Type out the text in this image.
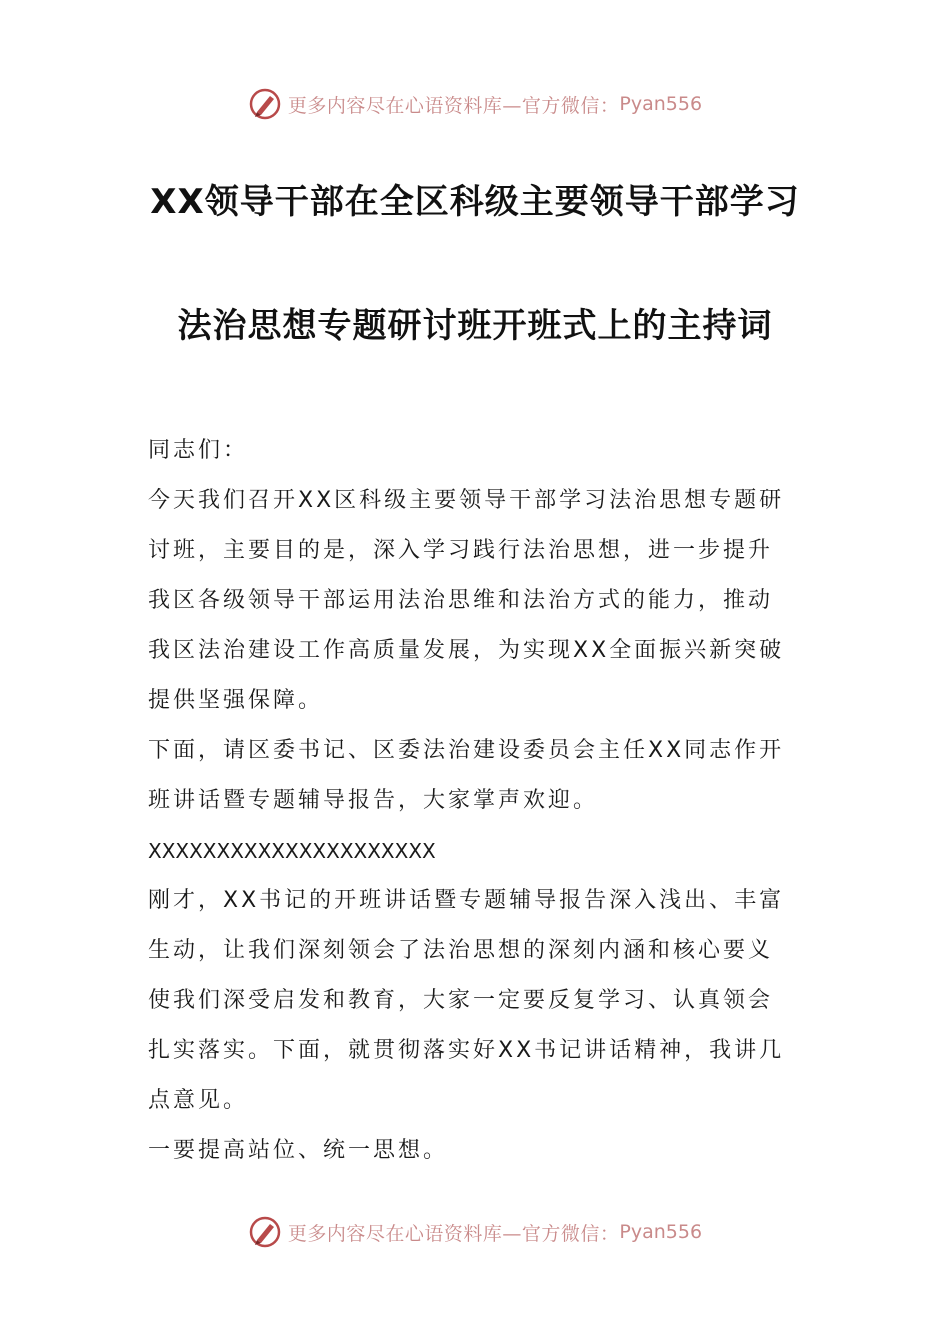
更多内容尽在心语资料库—官方微信： Pyan556
XX领导干部在全区科级主要领导干部学习
法治思想专题研讨班开班式上的主持词
同志们：
今天我们召开XX区科级主要领导干部学习法治思想专题研
讨班，主要目的是，深入学习践行法治思想，进一步提升
我区各级领导干部运用法治思维和法治方式的能力，推动
我区法治建设工作高质量发展，为实现XX全面振兴新突破
提供坚强保障。
下面，请区委书记、区委法治建设委员会主任XX同志作开
班讲话暨专题辅导报告，大家掌声欢迎。
XXXXXXXXXXXXXXXXXXXXX
刚才，XX书记的开班讲话暨专题辅导报告深入浅出、丰富
生动，让我们深刻领会了法治思想的深刻内涵和核心要义
使我们深受启发和教育，大家一定要反复学习、认真领会
扎实落实。下面，就贯彻落实好XX书记讲话精神，我讲几
点意见。
一要提高站位、统一思想。
更多内容尽在心语资料库—官方微信： Pyan556
